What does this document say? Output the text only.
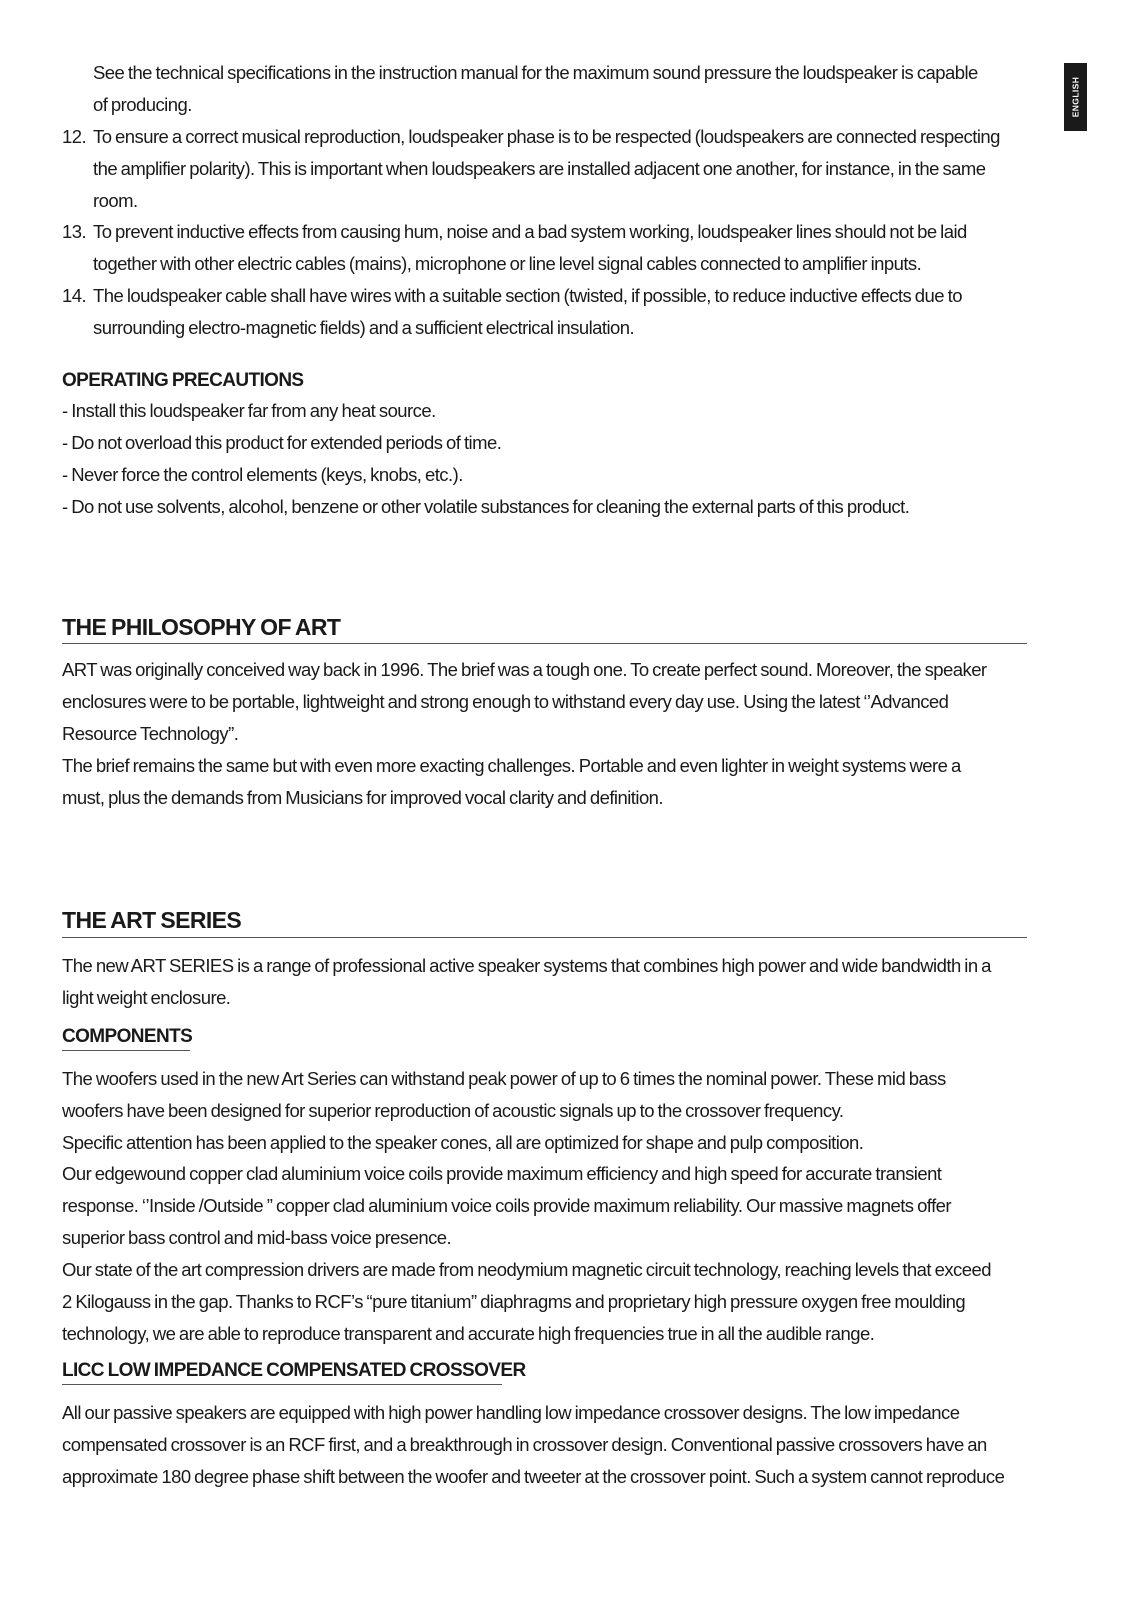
ENGLISH
See the technical specifications in the instruction manual for the maximum sound pressure the loudspeaker is capable
of producing.
12. To ensure a correct musical reproduction, loudspeaker phase is to be respected (loudspeakers are connected respecting
the amplifier polarity). This is important when loudspeakers are installed adjacent one another, for instance, in the same
room.
13. To prevent inductive effects from causing hum, noise and a bad system working, loudspeaker lines should not be laid
together with other electric cables (mains), microphone or line level signal cables connected to amplifier inputs.
14. The loudspeaker cable shall have wires with a suitable section (twisted, if possible, to reduce inductive effects due to
surrounding electro-magnetic fields) and a sufficient electrical insulation.
OPERATING PRECAUTIONS
- Install this loudspeaker far from any heat source.
- Do not overload this product for extended periods of time.
- Never force the control elements (keys, knobs, etc.).
- Do not use solvents, alcohol, benzene or other volatile substances for cleaning the external parts of this product.
THE PHILOSOPHY OF ART
ART was originally conceived way back in 1996. The brief was a tough one. To create perfect sound. Moreover, the speaker
enclosures were to be portable, lightweight and strong enough to withstand every day use. Using the latest ‘’Advanced
Resource Technology”.
The brief remains the same but with even more exacting challenges. Portable and even lighter in weight systems were a
must, plus the demands from Musicians for improved vocal clarity and definition.
THE ART SERIES
The new ART SERIES is a range of professional active speaker systems that combines high power and wide bandwidth in a
light weight enclosure.
COMPONENTS
The woofers used in the new Art Series can withstand peak power of up to 6 times the nominal power. These mid bass
woofers have been designed for superior reproduction of acoustic signals up to the crossover frequency.
Specific attention has been applied to the speaker cones, all are optimized for shape and pulp composition.
Our edgewound copper clad aluminium voice coils provide maximum efficiency and high speed for accurate transient
response. ‘’Inside /Outside ” copper clad aluminium voice coils provide maximum reliability. Our massive magnets offer
superior bass control and mid-bass voice presence.
Our state of the art compression drivers are made from neodymium magnetic circuit technology, reaching levels that exceed
2 Kilogauss in the gap. Thanks to RCF’s “pure titanium” diaphragms and proprietary high pressure oxygen free moulding
technology, we are able to reproduce transparent and accurate high frequencies true in all the audible range.
LICC LOW IMPEDANCE COMPENSATED CROSSOVER
All our passive speakers are equipped with high power handling low impedance crossover designs. The low impedance
compensated crossover is an RCF first, and a breakthrough in crossover design. Conventional passive crossovers have an
approximate 180 degree phase shift between the woofer and tweeter at the crossover point. Such a system cannot reproduce
